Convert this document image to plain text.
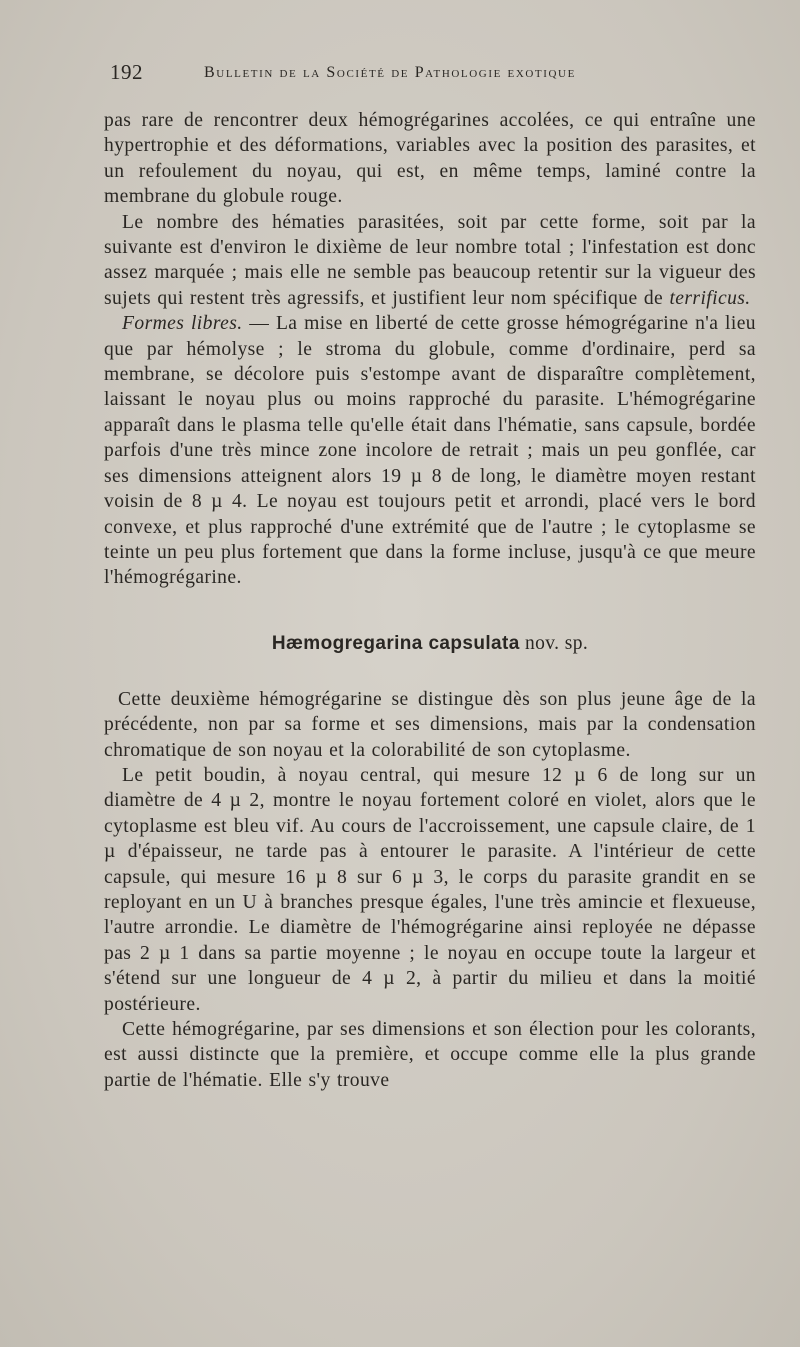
192	Bulletin de la Société de Pathologie exotique

pas rare de rencontrer deux hémogrégarines accolées, ce qui entraîne une hypertrophie et des déformations, variables avec la position des parasites, et un refoulement du noyau, qui est, en même temps, laminé contre la membrane du globule rouge.

Le nombre des hématies parasitées, soit par cette forme, soit par la suivante est d'environ le dixième de leur nombre total ; l'infestation est donc assez marquée ; mais elle ne semble pas beaucoup retentir sur la vigueur des sujets qui restent très agressifs, et justifient leur nom spécifique de terrificus.

Formes libres. — La mise en liberté de cette grosse hémogrégarine n'a lieu que par hémolyse ; le stroma du globule, comme d'ordinaire, perd sa membrane, se décolore puis s'estompe avant de disparaître complètement, laissant le noyau plus ou moins rapproché du parasite. L'hémogrégarine apparaît dans le plasma telle qu'elle était dans l'hématie, sans capsule, bordée parfois d'une très mince zone incolore de retrait ; mais un peu gonflée, car ses dimensions atteignent alors 19 µ 8 de long, le diamètre moyen restant voisin de 8 µ 4. Le noyau est toujours petit et arrondi, placé vers le bord convexe, et plus rapproché d'une extrémité que de l'autre ; le cytoplasme se teinte un peu plus fortement que dans la forme incluse, jusqu'à ce que meure l'hémogrégarine.

Hæmogregarina capsulata nov. sp.

Cette deuxième hémogrégarine se distingue dès son plus jeune âge de la précédente, non par sa forme et ses dimensions, mais par la condensation chromatique de son noyau et la colorabilité de son cytoplasme.

Le petit boudin, à noyau central, qui mesure 12 µ 6 de long sur un diamètre de 4 µ 2, montre le noyau fortement coloré en violet, alors que le cytoplasme est bleu vif. Au cours de l'accroissement, une capsule claire, de 1 µ d'épaisseur, ne tarde pas à entourer le parasite. A l'intérieur de cette capsule, qui mesure 16 µ 8 sur 6 µ 3, le corps du parasite grandit en se reployant en un U à branches presque égales, l'une très amincie et flexueuse, l'autre arrondie. Le diamètre de l'hémogrégarine ainsi reployée ne dépasse pas 2 µ 1 dans sa partie moyenne ; le noyau en occupe toute la largeur et s'étend sur une longueur de 4 µ 2, à partir du milieu et dans la moitié postérieure.

Cette hémogrégarine, par ses dimensions et son élection pour les colorants, est aussi distincte que la première, et occupe comme elle la plus grande partie de l'hématie. Elle s'y trouve
